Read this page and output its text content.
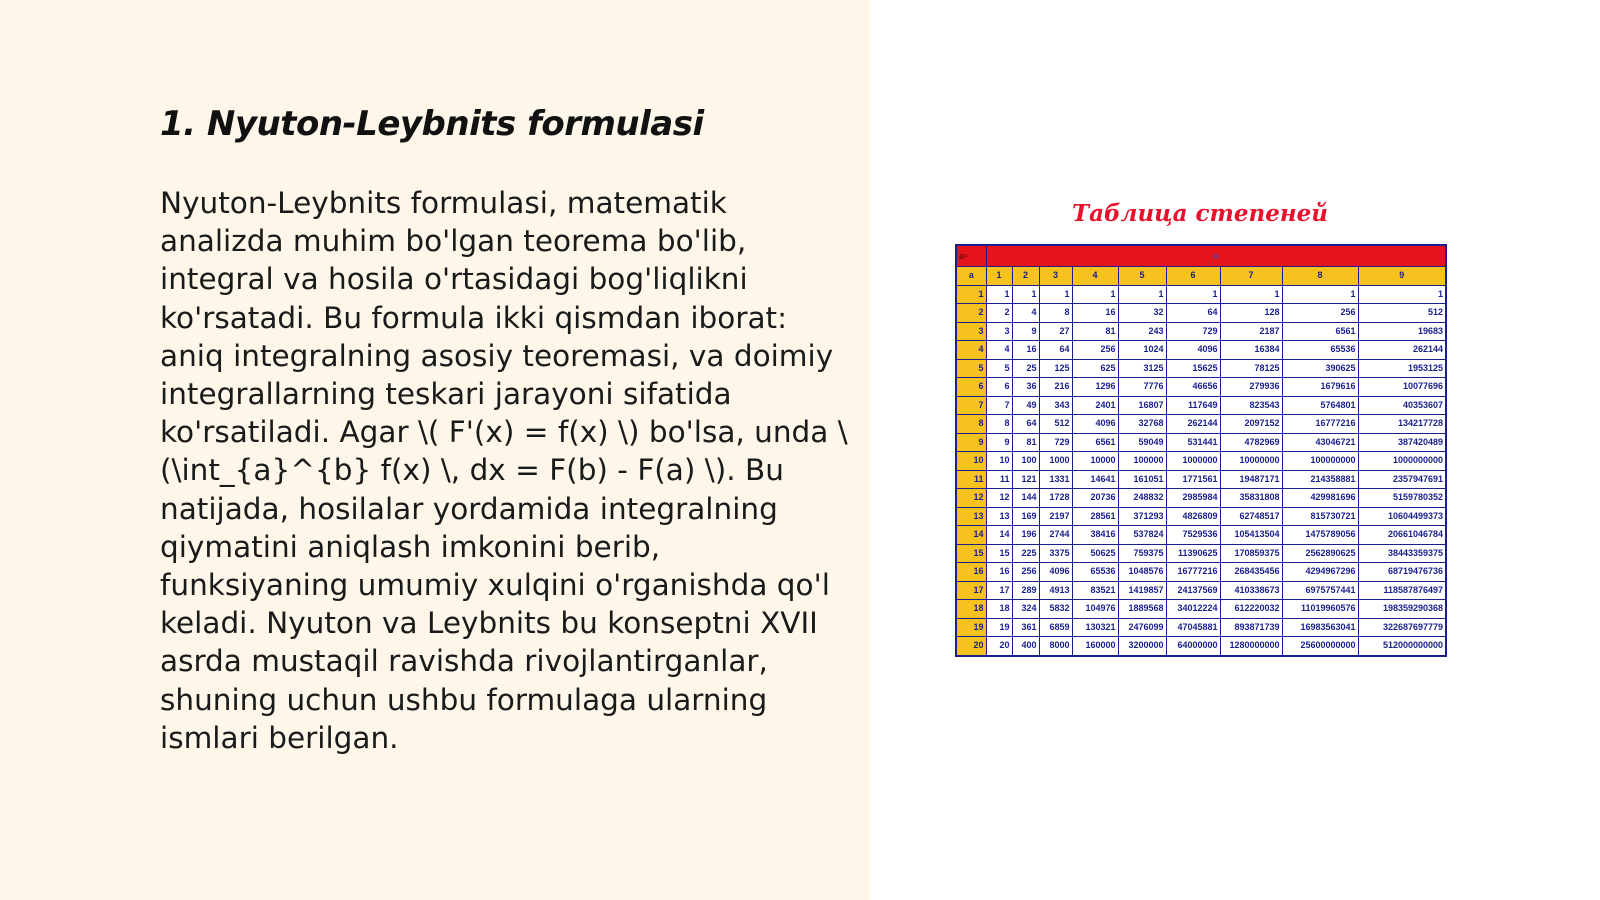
1. Nyuton-Leybnits formulasi

Nyuton-Leybnits formulasi, matematik analizda muhim bo'lgan teorema bo'lib, integral va hosila o'rtasidagi bog'liqlikni ko'rsatadi. Bu formula ikki qismdan iborat: aniq integralning asosiy teoremasi, va doimiy integrallarning teskari jarayoni sifatida ko'rsatiladi. Agar \( F'(x) = f(x) \) bo'lsa, unda \(\int_{a}^{b} f(x) \, dx = F(b) - F(a) \). Bu natijada, hosilalar yordamida integralning qiymatini aniqlash imkonini berib, funksiyaning umumiy xulqini o'rganishda qo'l keladi. Nyuton va Leybnits bu konseptni XVII asrda mustaqil ravishda rivojlantirganlar, shuning uchun ushbu formulaga ularning ismlari berilgan.

Таблица степеней
aⁿ	n								
a	1	2	3	4	5	6	7	8	9
1	1	1	1	1	1	1	1	1	1
2	2	4	8	16	32	64	128	256	512
3	3	9	27	81	243	729	2187	6561	19683
4	4	16	64	256	1024	4096	16384	65536	262144
5	5	25	125	625	3125	15625	78125	390625	1953125
6	6	36	216	1296	7776	46656	279936	1679616	10077696
7	7	49	343	2401	16807	117649	823543	5764801	40353607
8	8	64	512	4096	32768	262144	2097152	16777216	134217728
9	9	81	729	6561	59049	531441	4782969	43046721	387420489
10	10	100	1000	10000	100000	1000000	10000000	100000000	1000000000
11	11	121	1331	14641	161051	1771561	19487171	214358881	2357947691
12	12	144	1728	20736	248832	2985984	35831808	429981696	5159780352
13	13	169	2197	28561	371293	4826809	62748517	815730721	10604499373
14	14	196	2744	38416	537824	7529536	105413504	1475789056	20661046784
15	15	225	3375	50625	759375	11390625	170859375	2562890625	38443359375
16	16	256	4096	65536	1048576	16777216	268435456	4294967296	68719476736
17	17	289	4913	83521	1419857	24137569	410338673	6975757441	118587876497
18	18	324	5832	104976	1889568	34012224	612220032	11019960576	198359290368
19	19	361	6859	130321	2476099	47045881	893871739	16983563041	322687697779
20	20	400	8000	160000	3200000	64000000	1280000000	25600000000	512000000000
